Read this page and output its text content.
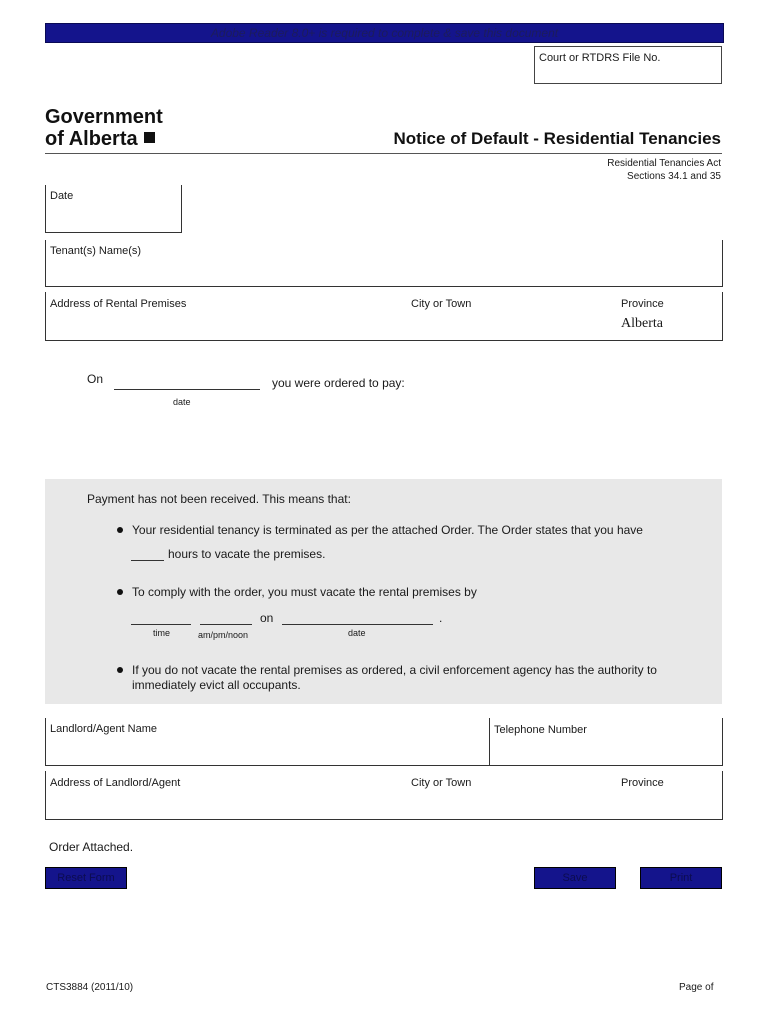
Adobe Reader 8.0+ is required to complete & save this document
Court or RTDRS File No.
Government
of Alberta	Notice of Default - Residential Tenancies
Residential Tenancies Act
Sections 34.1 and 35
Date
Tenant(s) Name(s)
Address of Rental Premises	City or Town	Province
Alberta
On	you were ordered to pay:
date
Payment has not been received. This means that:
Your residential tenancy is terminated as per the attached Order. The Order states that you have
hours to vacate the premises.
To comply with the order, you must vacate the rental premises by
on	.
time	am/pm/noon	date
If you do not vacate the rental premises as ordered, a civil enforcement agency has the authority to
immediately evict all occupants.
Landlord/Agent Name	Telephone Number
Address of Landlord/Agent	City or Town	Province
Order Attached.
Reset Form	Save	Print
CTS3884 (2011/10)	Page of
